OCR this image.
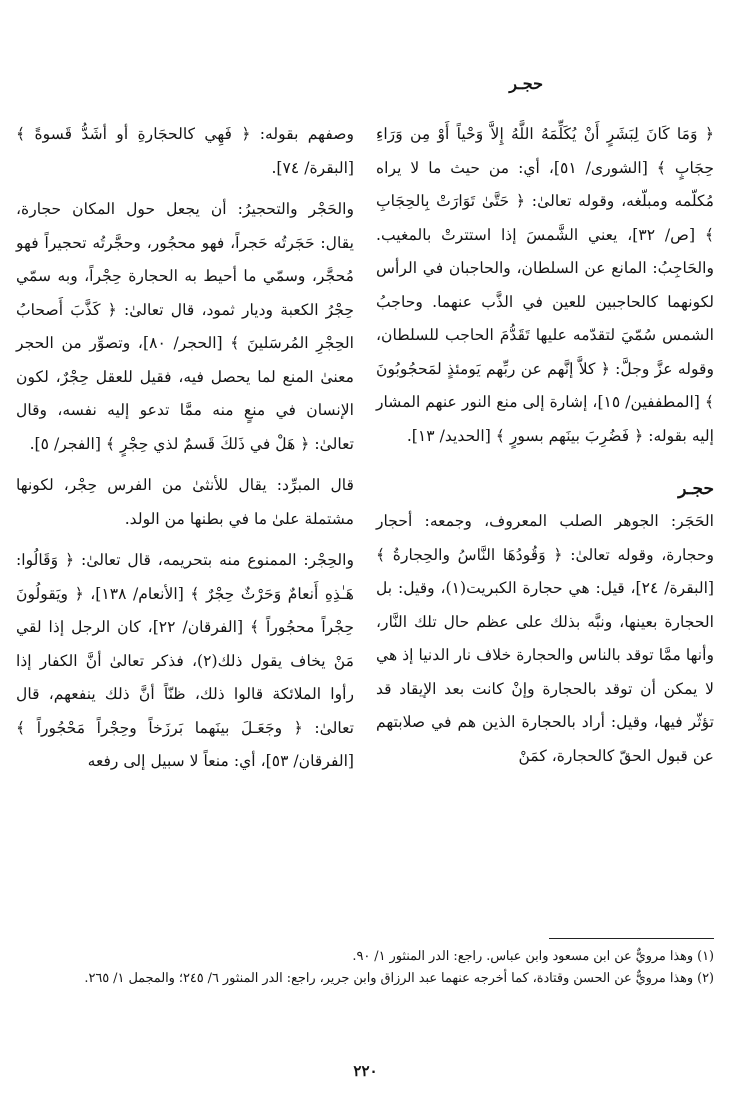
حجـر

﴿ وَمَا كَانَ لِبَشَرٍ أَنْ يُكَلِّمَهُ اللَّهُ إِلاَّ وَحْياً أَوْ مِن وَرَاءِ حِجَابٍ ﴾ [الشورى/ ٥١]، أي: من حيث ما لا يراه مُكلّمه ومبلّغه، وقوله تعالىٰ: ﴿ حَتَّىٰ تَوَارَتْ بِالحِجَابِ ﴾ [ص/ ٣٢]، يعني الشَّمسَ إذا استترتْ بالمغيب. والحَاجِبُ: المانع عن السلطان، والحاجبان في الرأس لكونهما كالحاجبين للعين في الذَّب عنهما. وحاجبُ الشمس سُمّيَ لتقدّمه عليها تَقَدُّمَ الحاجب للسلطان، وقوله عزَّ وجلَّ: ﴿ كلاَّ إنَّهم عن ربِّهم يَومئذٍ لمَحجُوبُونَ ﴾ [المطففين/ ١٥]، إشارة إلى منع النور عنهم المشار إليه بقوله: ﴿ فَضُرِبَ بينَهم بسورٍ ﴾ [الحديد/ ١٣].

حجـر

الحَجَر: الجوهر الصلب المعروف، وجمعه: أحجار وحجارة، وقوله تعالىٰ: ﴿ وَقُودُهَا النَّاسُ والحِجارةُ ﴾ [البقرة/ ٢٤]، قيل: هي حجارة الكبريت(١)، وقيل: بل الحجارة بعينها، ونبَّه بذلك على عظم حال تلك النَّار، وأنها ممَّا توقد بالناس والحجارة خلاف نار الدنيا إذ هي لا يمكن أن توقد بالحجارة وإنْ كانت بعد الإيقاد قد تؤثّر فيها، وقيل: أراد بالحجارة الذين هم في صلابتهم عن قبول الحقّ كالحجارة، كمَنْ

وصفهم بقوله: ﴿ فَهِي كالحجَارةِ أو أشَدُّ قَسوةً ﴾ [البقرة/ ٧٤].

والحَجْر والتحجيرُ: أن يجعل حول المكان حجارة، يقال: حَجَرتُه حَجراً، فهو محجُور، وحجَّرتُه تحجيراً فهو مُحجَّر، وسمّي ما أحيط به الحجارة حِجْراً، وبه سمّي حِجْرُ الكعبة وديار ثمود، قال تعالىٰ: ﴿ كَذَّبَ أَصحابُ الحِجْرِ المُرسَلينَ ﴾ [الحجر/ ٨٠]، وتصوِّر من الحجر معنىٰ المنع لما يحصل فيه، فقيل للعقل حِجْرٌ، لكون الإنسان في منعٍ منه ممَّا تدعو إليه نفسه، وقال تعالىٰ: ﴿ هَلْ في ذَلكَ قَسمٌ لذي حِجْرٍ ﴾ [الفجر/ ٥].

قال المبرِّد: يقال للأنثىٰ من الفرس حِجْر، لكونها مشتملة علىٰ ما في بطنها من الولد.

والحِجْر: الممنوع منه بتحريمه، قال تعالىٰ: ﴿ وَقَالُوا: هَـٰذِهِ أَنعامٌ وَحَرْثٌ حِجْرٌ ﴾ [الأنعام/ ١٣٨]، ﴿ ويَقولُونَ حِجْراً محجُوراً ﴾ [الفرقان/ ٢٢]، كان الرجل إذا لقي مَنْ يخاف يقول ذلك(٢)، فذكر تعالىٰ أنَّ الكفار إذا رأوا الملائكة قالوا ذلك، ظنّاً أنَّ ذلك ينفعهم، قال تعالىٰ: ﴿ وجَعَـلَ بينَهما بَرزَخاً وحِجْراً مَحْجُوراً ﴾ [الفرقان/ ٥٣]، أي: منعاً لا سبيل إلى رفعه

(١) وهذا مرويٌّ عن ابن مسعود وابن عباس. راجع: الدر المنثور ١/ ٩٠.
(٢) وهذا مرويٌّ عن الحسن وقتادة، كما أخرجه عنهما عبد الرزاق وابن جرير، راجع: الدر المنثور ٦/ ٢٤٥؛ والمجمل ١/ ٢٦٥.
٢٢٠
